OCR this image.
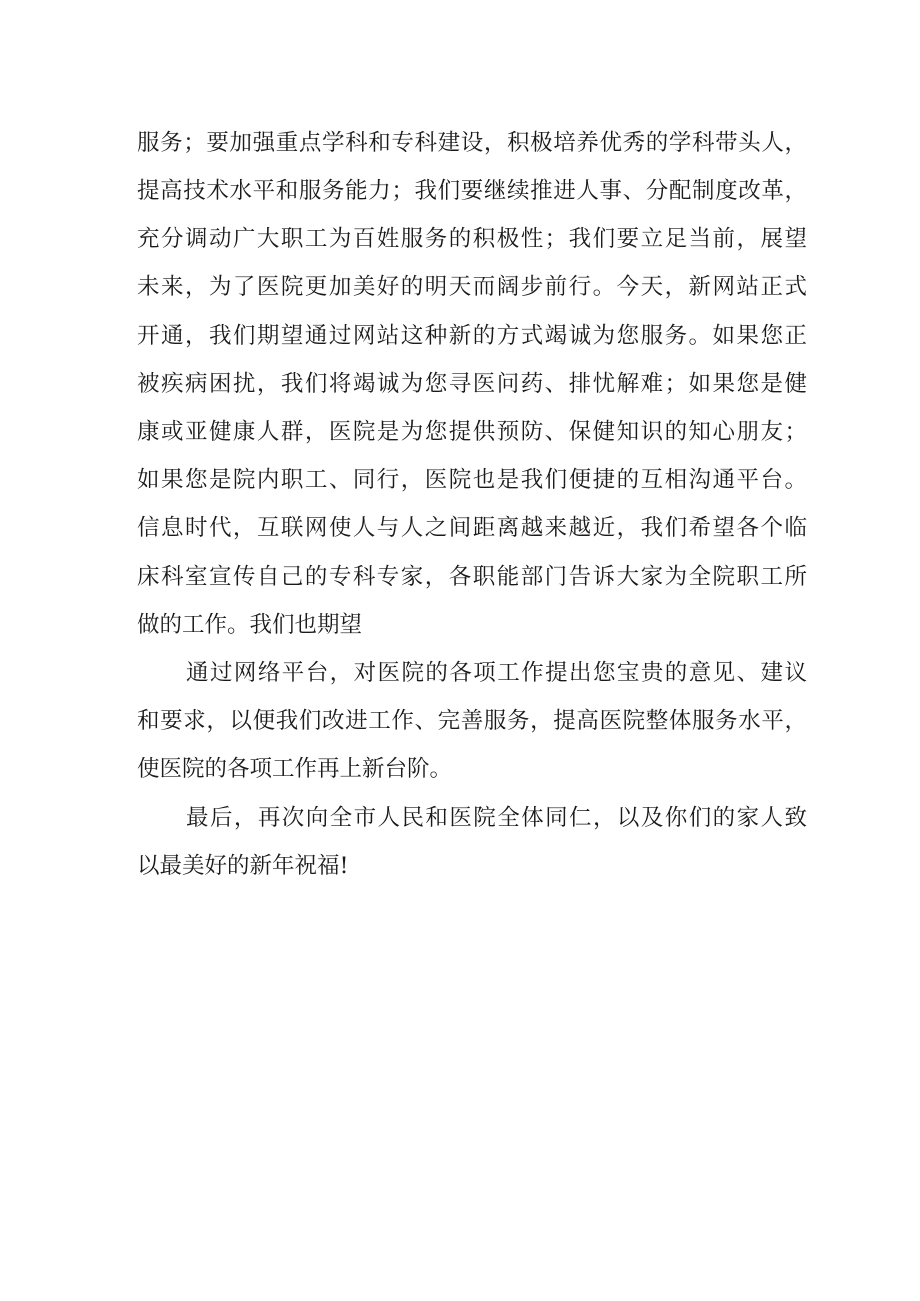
服务；要加强重点学科和专科建设，积极培养优秀的学科带头人，
提高技术水平和服务能力；我们要继续推进人事、分配制度改革，
充分调动广大职工为百姓服务的积极性；我们要立足当前，展望
未来，为了医院更加美好的明天而阔步前行。今天，新网站正式
开通，我们期望通过网站这种新的方式竭诚为您服务。如果您正
被疾病困扰，我们将竭诚为您寻医问药、排忧解难；如果您是健
康或亚健康人群，医院是为您提供预防、保健知识的知心朋友；
如果您是院内职工、同行，医院也是我们便捷的互相沟通平台。
信息时代，互联网使人与人之间距离越来越近，我们希望各个临
床科室宣传自己的专科专家，各职能部门告诉大家为全院职工所
做的工作。我们也期望
通过网络平台，对医院的各项工作提出您宝贵的意见、建议
和要求，以便我们改进工作、完善服务，提高医院整体服务水平，
使医院的各项工作再上新台阶。
最后，再次向全市人民和医院全体同仁，以及你们的家人致
以最美好的新年祝福!
